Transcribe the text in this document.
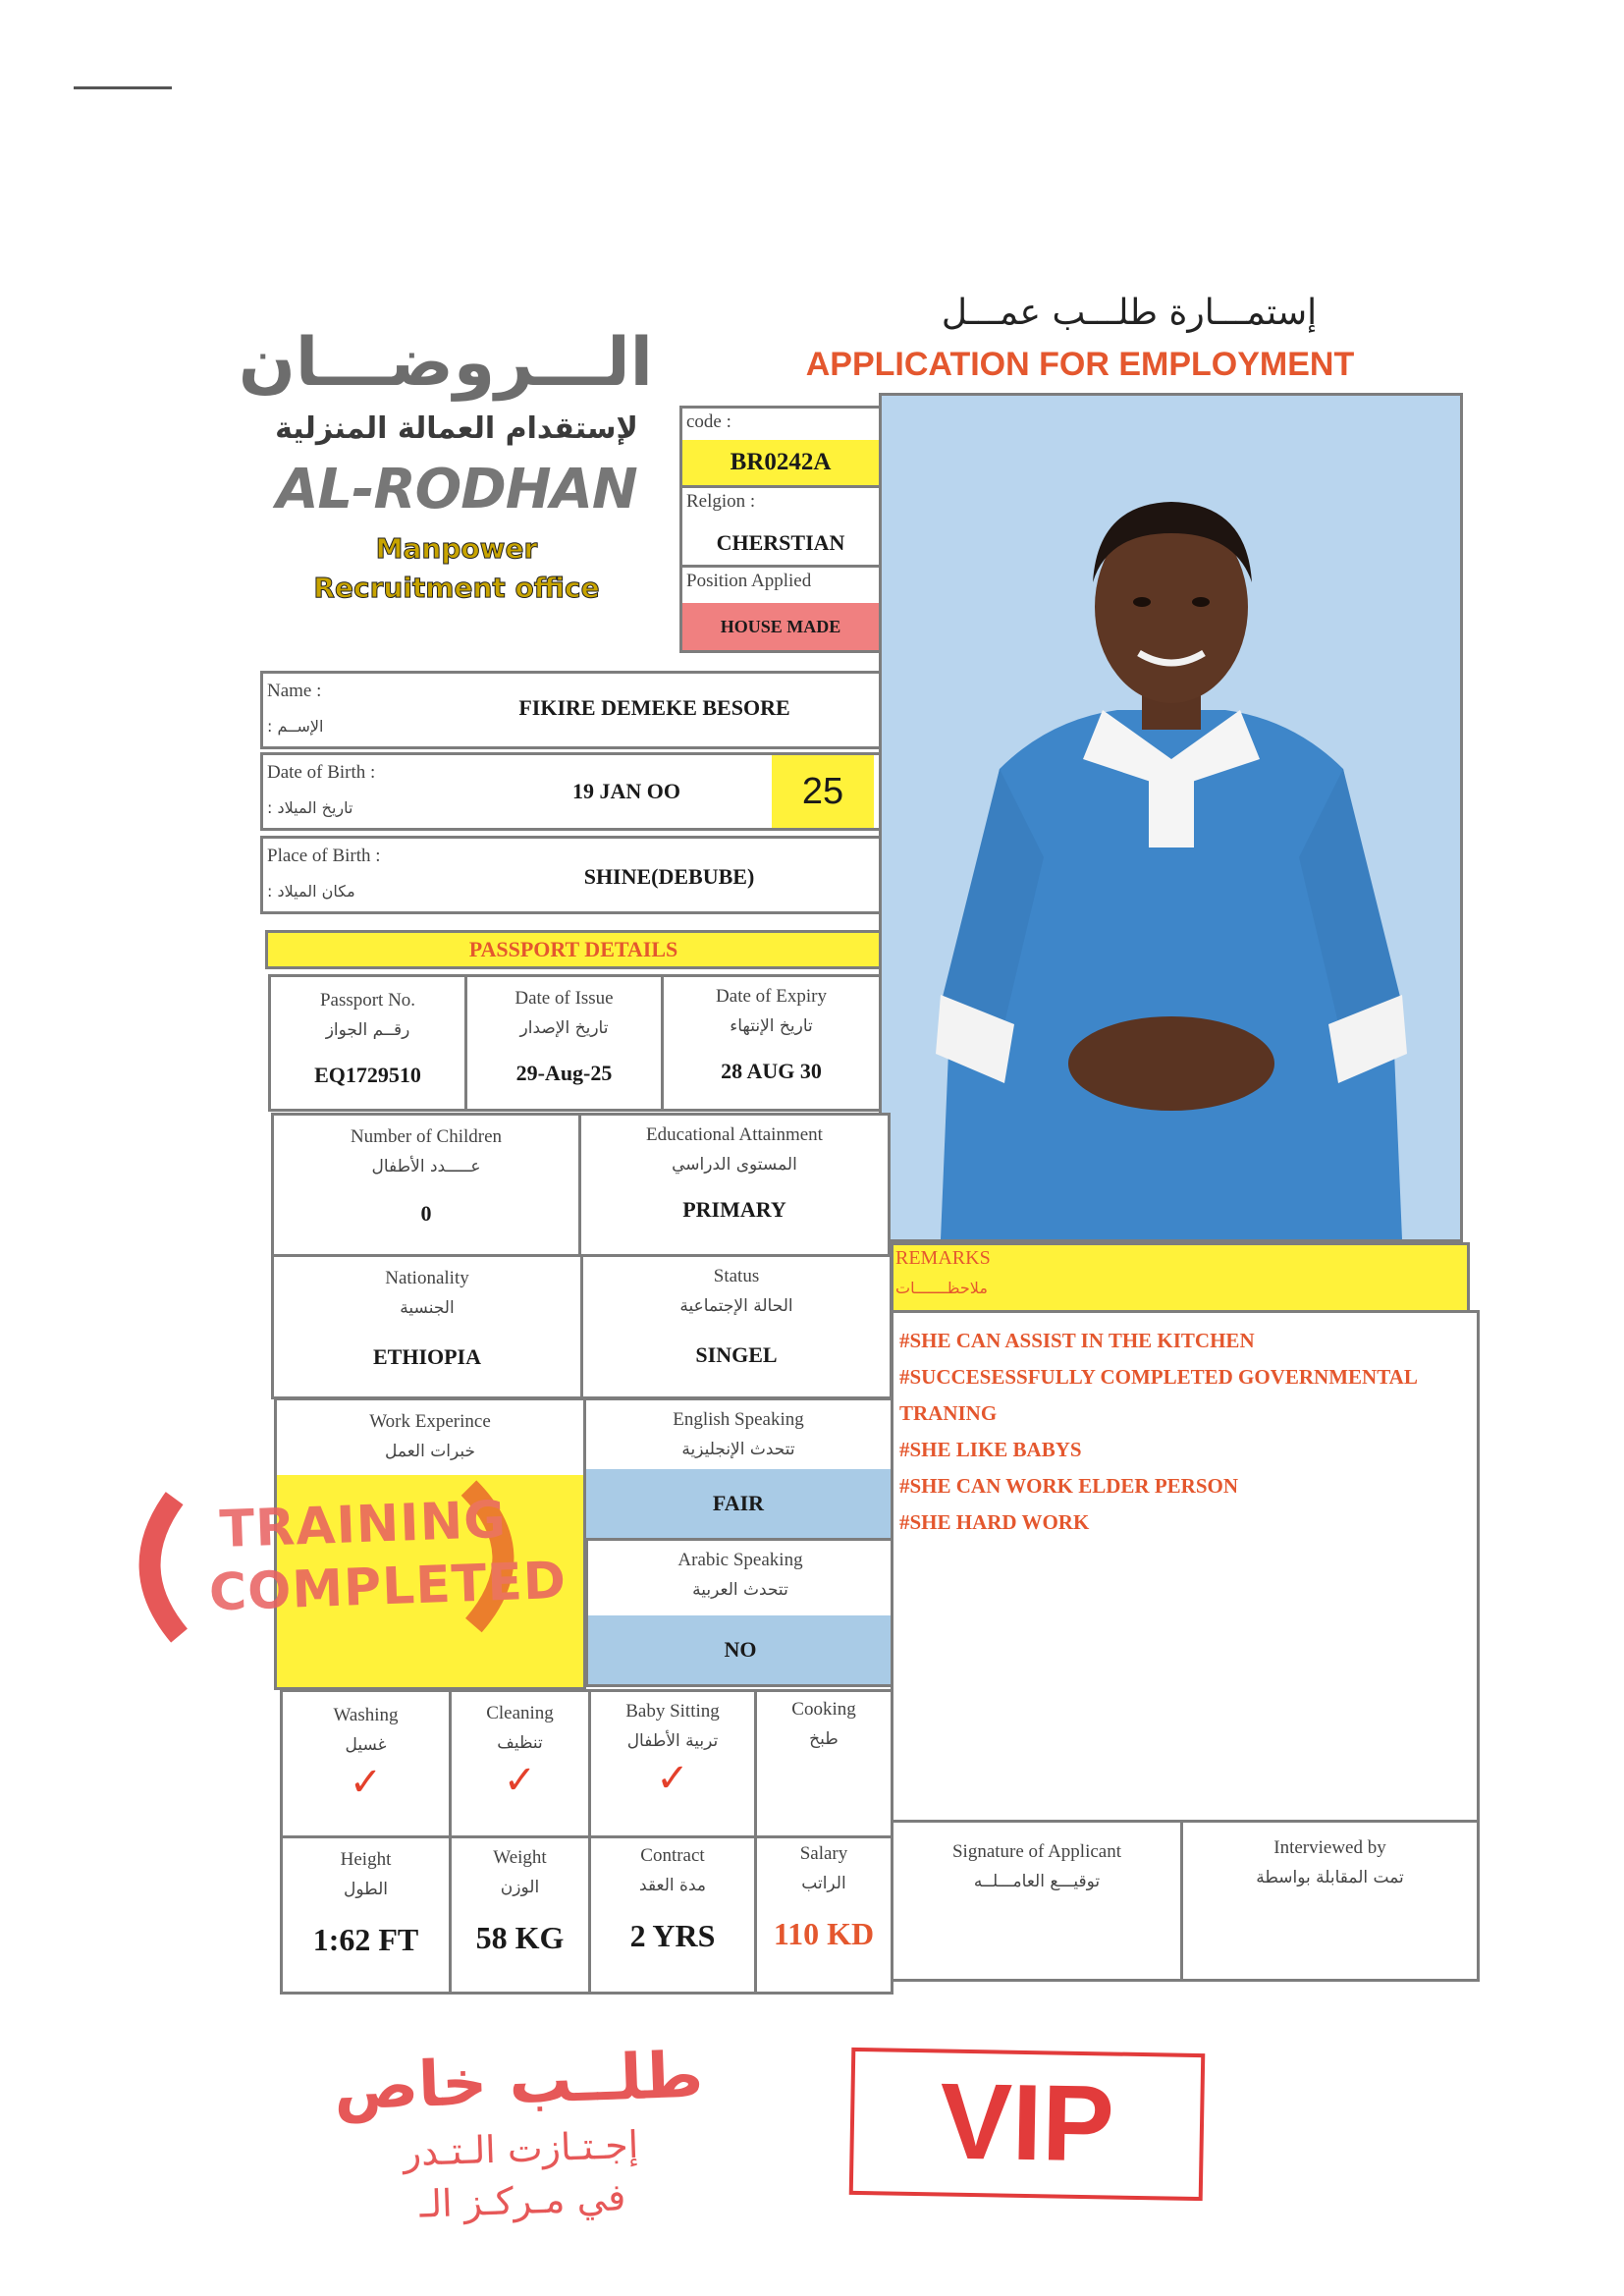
الـــروضـــان
لإستقدام العمالة المنزلية
AL-RODHAN
Manpower
Recruitment office
إستمـــارة طلـــب عمـــل
APPLICATION FOR EMPLOYMENT
code :
BR0242A
Relgion :
CHERSTIAN
Position Applied
HOUSE MADE
Name :
الإســم :
FIKIRE DEMEKE BESORE
Date of Birth :
تاريخ الميلاد :
19 JAN OO	25
Place of Birth :
مكان الميلاد :
SHINE(DEBUBE)
PASSPORT DETAILS
Passport No.
رقــم الجواز
EQ1729510
Date of Issue
تاريخ الإصدار
29-Aug-25
Date of Expiry
تاريخ الإنتهاء
28 AUG 30
Number of Children
عـــــدد الأطفال
0
Educational Attainment
المستوى الدراسي
PRIMARY
Nationality
الجنسية
ETHIOPIA
Status
الحالة الإجتماعية
SINGEL
Work Experince
خبرات العمل
English Speaking
تتحدث الإنجليزية
FAIR
Arabic Speaking
تتحدث العربية
NO
TRAINING
COMPLETED
REMARKS
ملاحظـــــــات
#SHE CAN ASSIST IN THE KITCHEN
#SUCCESESSFULLY COMPLETED GOVERNMENTAL
TRANING
#SHE LIKE BABYS
#SHE CAN WORK ELDER PERSON
#SHE HARD WORK
Washing
غسيل
✓
Cleaning
تنظيف
✓
Baby Sitting
تربية الأطفال
✓
Cooking
طبخ
Height
الطول
1:62 FT
Weight
الوزن
58 KG
Contract
مدة العقد
2 YRS
Salary
الراتب
110 KD
Signature of Applicant
توقيـــع العامـــلــه
Interviewed by
تمت المقابلة بواسطة
طلــب خاص
إجـتـازت الـتـدر
في مـركـز الـ
VIP
